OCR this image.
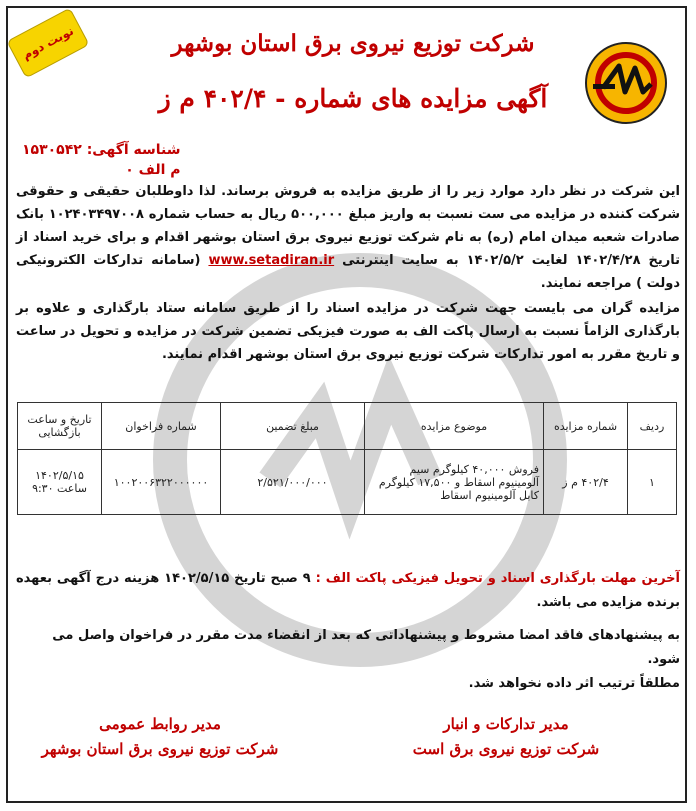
نوبت دوم	شرکت توزیع نیروی برق استان بوشهر
آگهی مزایده های شماره - ۴۰۲/۴ م ز
شناسه آگهی: ۱۵۳۰۵۴۲
م الف ۰
این شرکت در نظر دارد موارد زیر را از طریق مزایده به فروش برساند. لذا داوطلبان حقیقی و حقوقی شرکت کننده در مزایده می ست نسبت به واریز مبلغ ۵۰۰,۰۰۰ ریال به حساب شماره ۱۰۲۴۰۳۴۹۷۰۰۸ بانک صادرات شعبه میدان امام (ره) به نام شرکت توزیع نیروی برق استان بوشهر اقدام و برای خرید اسناد از تاریخ ۱۴۰۲/۴/۲۸ لغایت ۱۴۰۲/۵/۲ به سایت اینترنتی www.setadiran.ir (سامانه تدارکات الکترونیکی دولت ) مراجعه نمایند.
مزایده گران می بایست جهت شرکت در مزایده اسناد را از طریق سامانه ستاد بارگذاری و علاوه بر بارگذاری الزاماً نسبت به ارسال پاکت الف به صورت فیزیکی تضمین شرکت در مزایده و تحویل در ساعت و تاریخ مقرر به امور تدارکات شرکت توزیع نیروی برق استان بوشهر اقدام نمایند.
ردیف	شماره مزایده	موضوع مزایده	مبلغ تضمین	شماره فراخوان	تاریخ و ساعت بازگشایی
۱	۴۰۲/۴ م ز	فروش ۴۰,۰۰۰ کیلوگرم سیم آلومینیوم اسقاط و ۱۷,۵۰۰ کیلوگرم کابل آلومینیوم اسقاط	۲/۵۲۱/۰۰۰/۰۰۰	۱۰۰۲۰۰۶۳۲۲۰۰۰۰۰۰	۱۴۰۲/۵/۱۵
ساعت ۹:۳۰
آخرین مهلت بارگذاری اسناد و تحویل فیزیکی پاکت الف : ۹ صبح تاریخ ۱۴۰۲/۵/۱۵ هزینه درج آگهی بعهده برنده مزایده می باشد.
به پیشنهادهای فاقد امضا مشروط و پیشنهاداتی که بعد از انقضاء مدت مقرر در فراخوان واصل می شود.
مطلقاً ترتیب اثر داده نخواهد شد.
مدیر تدارکات و انبار
شرکت توزیع نیروی برق است
مدیر روابط عمومی
شرکت توزیع نیروی برق استان بوشهر
